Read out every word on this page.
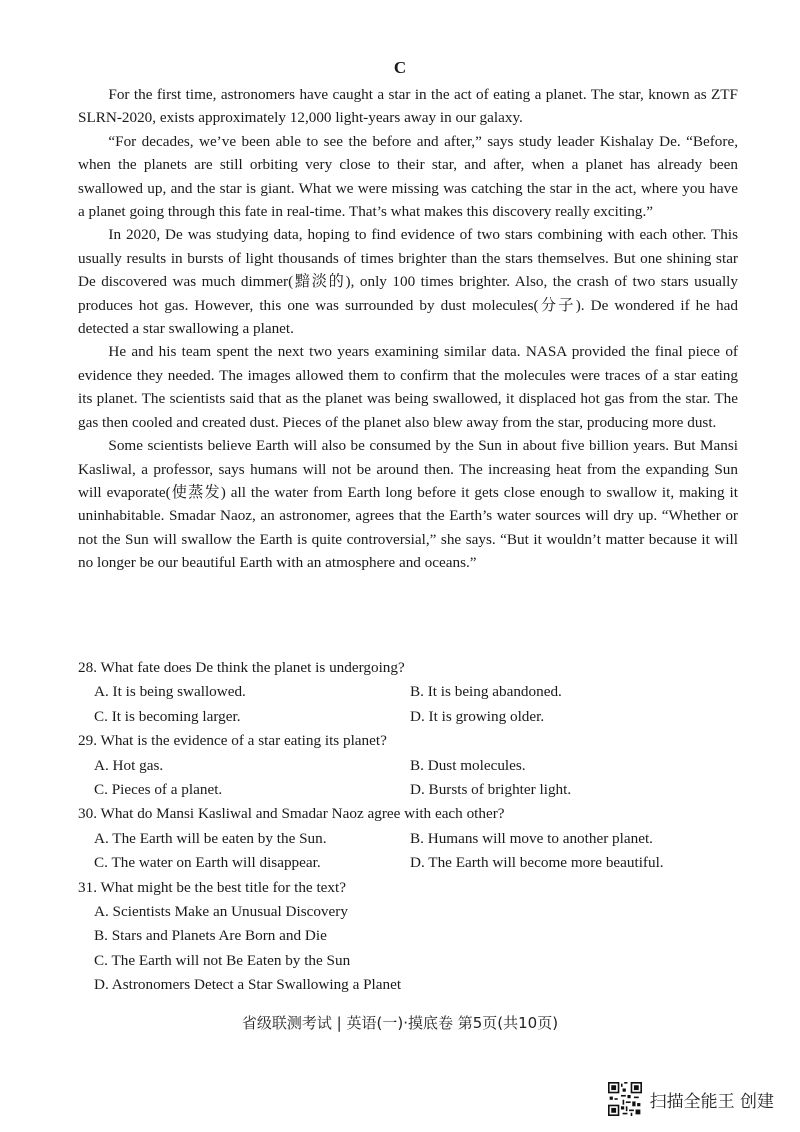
C

For the first time, astronomers have caught a star in the act of eating a planet. The star, known as ZTF SLRN-2020, exists approximately 12,000 light-years away in our galaxy.

“For decades, we’ve been able to see the before and after,” says study leader Kishalay De. “Before, when the planets are still orbiting very close to their star, and after, when a planet has already been swallowed up, and the star is giant. What we were missing was catching the star in the act, where you have a planet going through this fate in real-time. That’s what makes this discovery really exciting.”

In 2020, De was studying data, hoping to find evidence of two stars combining with each other. This usually results in bursts of light thousands of times brighter than the stars themselves. But one shining star De discovered was much dimmer(黯淡的), only 100 times brighter. Also, the crash of two stars usually produces hot gas. However, this one was surrounded by dust molecules(分子). De wondered if he had detected a star swallowing a planet.

He and his team spent the next two years examining similar data. NASA provided the final piece of evidence they needed. The images allowed them to confirm that the molecules were traces of a star eating its planet. The scientists said that as the planet was being swallowed, it displaced hot gas from the star. The gas then cooled and created dust. Pieces of the planet also blew away from the star, producing more dust.

Some scientists believe Earth will also be consumed by the Sun in about five billion years. But Mansi Kasliwal, a professor, says humans will not be around then. The increasing heat from the expanding Sun will evaporate(使蒸发) all the water from Earth long before it gets close enough to swallow it, making it uninhabitable. Smadar Naoz, an astronomer, agrees that the Earth’s water sources will dry up. “Whether or not the Sun will swallow the Earth is quite controversial,” she says. “But it wouldn’t matter because it will no longer be our beautiful Earth with an atmosphere and oceans.”

28. What fate does De think the planet is undergoing?

A. It is being swallowed.	B. It is being abandoned.
C. It is becoming larger.	D. It is growing older.

29. What is the evidence of a star eating its planet?

A. Hot gas.	B. Dust molecules.
C. Pieces of a planet.	D. Bursts of brighter light.

30. What do Mansi Kasliwal and Smadar Naoz agree with each other?

A. The Earth will be eaten by the Sun.	B. Humans will move to another planet.
C. The water on Earth will disappear.	D. The Earth will become more beautiful.

31. What might be the best title for the text?

A. Scientists Make an Unusual Discovery
B. Stars and Planets Are Born and Die
C. The Earth will not Be Eaten by the Sun
D. Astronomers Detect a Star Swallowing a Planet
省级联测考试 | 英语(一)·摸底卷 第5页(共10页)
扫描全能王 创建
